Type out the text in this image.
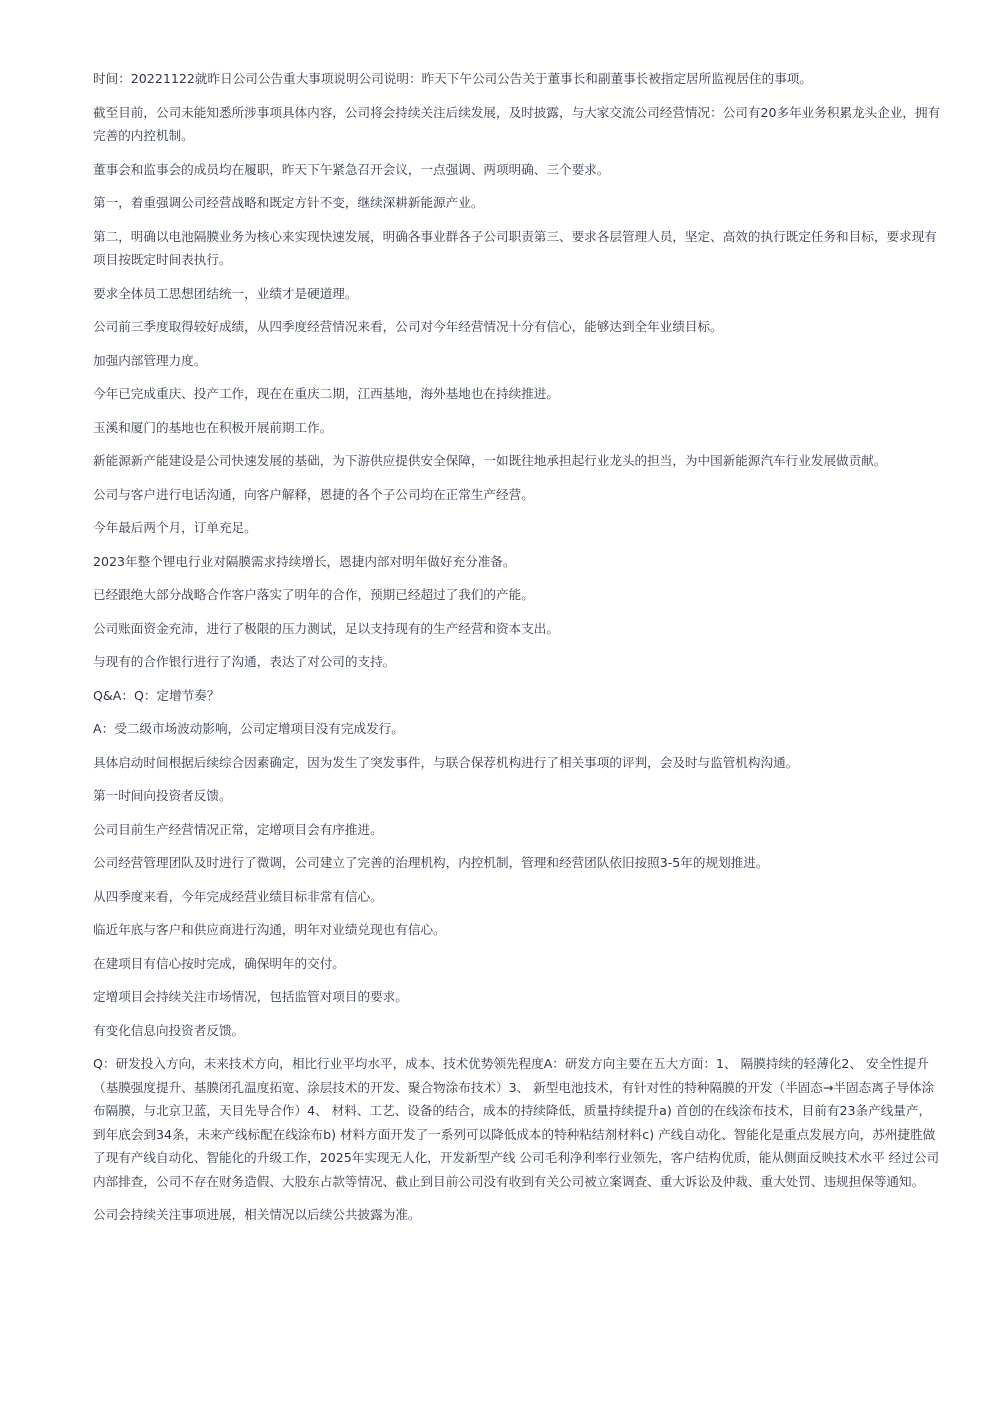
时间：20221122就昨日公司公告重大事项说明公司说明：昨天下午公司公告关于董事长和副董事长被指定居所监视居住的事项。

截至目前，公司未能知悉所涉事项具体内容，公司将会持续关注后续发展，及时披露，与大家交流公司经营情况：公司有20多年业务积累龙头企业，拥有完善的内控机制。

董事会和监事会的成员均在履职，昨天下午紧急召开会议，一点强调、两项明确、三个要求。

第一，着重强调公司经营战略和既定方针不变，继续深耕新能源产业。

第二，明确以电池隔膜业务为核心来实现快速发展，明确各事业群各子公司职责第三、要求各层管理人员，坚定、高效的执行既定任务和目标，要求现有项目按既定时间表执行。

要求全体员工思想团结统一，业绩才是硬道理。

公司前三季度取得较好成绩，从四季度经营情况来看，公司对今年经营情况十分有信心，能够达到全年业绩目标。

加强内部管理力度。

今年已完成重庆、投产工作，现在在重庆二期，江西基地，海外基地也在持续推进。

玉溪和厦门的基地也在积极开展前期工作。

新能源新产能建设是公司快速发展的基础，为下游供应提供安全保障，一如既往地承担起行业龙头的担当，为中国新能源汽车行业发展做贡献。

公司与客户进行电话沟通，向客户解释，恩捷的各个子公司均在正常生产经营。

今年最后两个月，订单充足。

2023年整个锂电行业对隔膜需求持续增长，恩捷内部对明年做好充分准备。

已经跟绝大部分战略合作客户落实了明年的合作，预期已经超过了我们的产能。

公司账面资金充沛，进行了极限的压力测试，足以支持现有的生产经营和资本支出。

与现有的合作银行进行了沟通，表达了对公司的支持。

Q&A：Q：定增节奏？

A：受二级市场波动影响，公司定增项目没有完成发行。

具体启动时间根据后续综合因素确定，因为发生了突发事件，与联合保荐机构进行了相关事项的评判，会及时与监管机构沟通。

第一时间向投资者反馈。

公司目前生产经营情况正常，定增项目会有序推进。

公司经营管理团队及时进行了微调，公司建立了完善的治理机构，内控机制，管理和经营团队依旧按照3-5年的规划推进。

从四季度来看，今年完成经营业绩目标非常有信心。

临近年底与客户和供应商进行沟通，明年对业绩兑现也有信心。

在建项目有信心按时完成，确保明年的交付。

定增项目会持续关注市场情况，包括监管对项目的要求。

有变化信息向投资者反馈。

Q：研发投入方向，未来技术方向，相比行业平均水平，成本、技术优势领先程度A：研发方向主要在五大方面：1、 隔膜持续的轻薄化2、 安全性提升（基膜强度提升、基膜闭孔温度拓宽、涂层技术的开发、聚合物涂布技术）3、 新型电池技术，有针对性的特种隔膜的开发（半固态→半固态离子导体涂布隔膜，与北京卫蓝，天目先导合作）4、 材料、工艺、设备的结合，成本的持续降低，质量持续提升a) 首创的在线涂布技术，目前有23条产线量产，到年底会到34条，未来产线标配在线涂布b) 材料方面开发了一系列可以降低成本的特种粘结剂材料c) 产线自动化、智能化是重点发展方向，苏州捷胜做了现有产线自动化、智能化的升级工作，2025年实现无人化，开发新型产线 公司毛利净利率行业领先，客户结构优质，能从侧面反映技术水平 经过公司内部排查，公司不存在财务造假、大股东占款等情况、截止到目前公司没有收到有关公司被立案调查、重大诉讼及仲裁、重大处罚、违规担保等通知。

公司会持续关注事项进展，相关情况以后续公共披露为准。
